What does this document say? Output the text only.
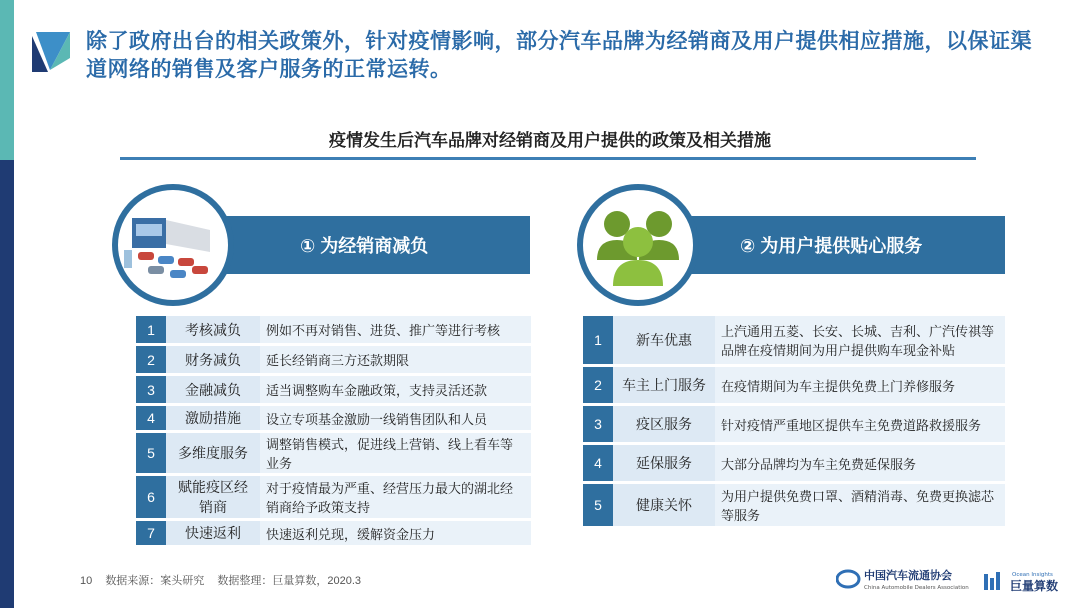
除了政府出台的相关政策外，针对疫情影响，部分汽车品牌为经销商及用户提供相应措施，以保证渠道网络的销售及客户服务的正常运转。
疫情发生后汽车品牌对经销商及用户提供的政策及相关措施
① 为经销商减负	② 为用户提供贴心服务
1	考核减负	例如不再对销售、进货、推广等进行考核
2	财务减负	延长经销商三方还款期限
3	金融减负	适当调整购车金融政策，支持灵活还款
4	激励措施	设立专项基金激励一线销售团队和人员
5	多维度服务	调整销售模式，促进线上营销、线上看车等业务
6	赋能疫区经销商	对于疫情最为严重、经营压力最大的湖北经销商给予政策支持
7	快速返利	快速返利兑现，缓解资金压力
1	新车优惠	上汽通用五菱、长安、长城、吉利、广汽传祺等品牌在疫情期间为用户提供购车现金补贴
2	车主上门服务	在疫情期间为车主提供免费上门养修服务
3	疫区服务	针对疫情严重地区提供车主免费道路救援服务
4	延保服务	大部分品牌均为车主免费延保服务
5	健康关怀	为用户提供免费口罩、酒精消毒、免费更换滤芯等服务
10 数据来源：案头研究 数据整理：巨量算数，2020.3	中国汽车流通协会
China Automobile Dealers Association
Ocean Insights
巨量算数
